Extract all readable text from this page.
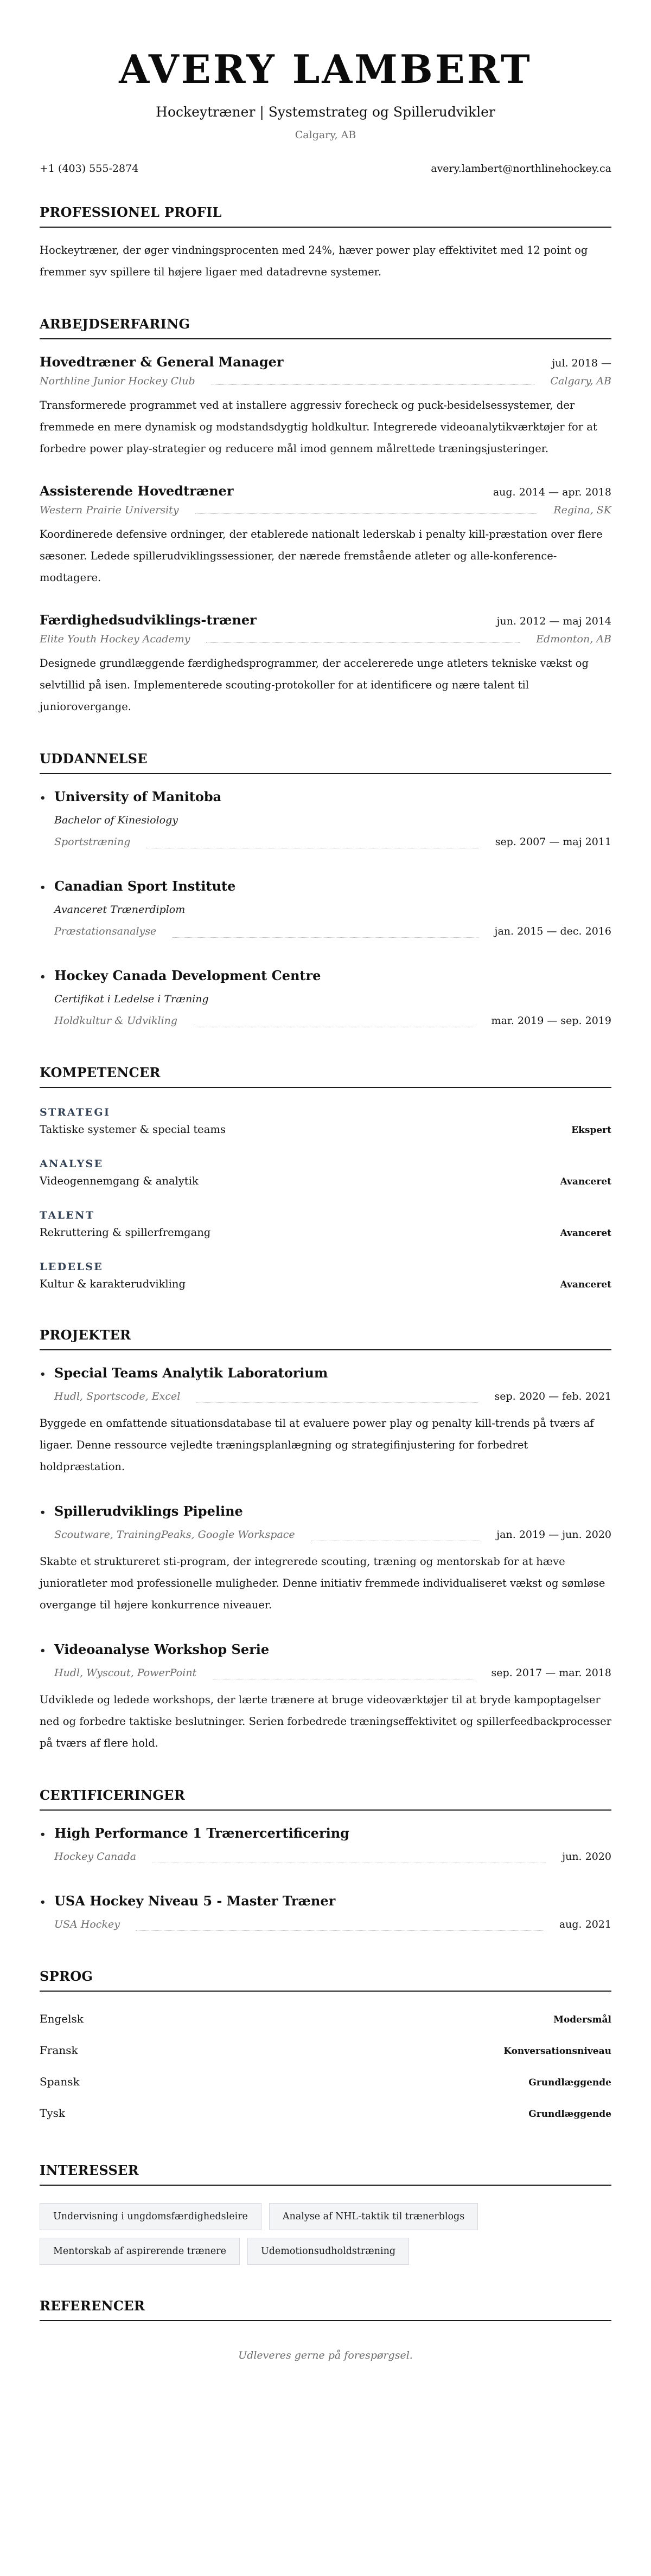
AVERY LAMBERT
Hockeytræner | Systemstrateg og Spillerudvikler
Calgary, AB
+1 (403) 555-2874	avery.lambert@northlinehockey.ca
PROFESSIONEL PROFIL

Hockeytræner, der øger vindningsprocenten med 24%, hæver power play effektivitet med 12 point og fremmer syv spillere til højere ligaer med datadrevne systemer.

ARBEJDSERFARING
Hovedtræner & General Manager	jul. 2018 —
Northline Junior Hockey Club	Calgary, AB

Transformerede programmet ved at installere aggressiv forecheck og puck-besidelsessystemer, der fremmede en mere dynamisk og modstandsdygtig holdkultur. Integrerede videoanalytikværktøjer for at forbedre power play-strategier og reducere mål imod gennem målrettede træningsjusteringer.

Assisterende Hovedtræner	aug. 2014 — apr. 2018
Western Prairie University	Regina, SK

Koordinerede defensive ordninger, der etablerede nationalt lederskab i penalty kill-præstation over flere sæsoner. Ledede spillerudviklingssessioner, der nærede fremstående atleter og alle-konference-modtagere.

Færdighedsudviklings-træner	jun. 2012 — maj 2014
Elite Youth Hockey Academy	Edmonton, AB

Designede grundlæggende færdighedsprogrammer, der accelererede unge atleters tekniske vækst og selvtillid på isen. Implementerede scouting-protokoller for at identificere og nære talent til juniorovergange.

UDDANNELSE
• University of Manitoba
Bachelor of Kinesiology
Sportstræning	sep. 2007 — maj 2011
• Canadian Sport Institute
Avanceret Trænerdiplom
Præstationsanalyse	jan. 2015 — dec. 2016
• Hockey Canada Development Centre
Certifikat i Ledelse i Træning
Holdkultur & Udvikling	mar. 2019 — sep. 2019
KOMPETENCER
STRATEGI
Taktiske systemer & special teams	Ekspert
ANALYSE
Videogennemgang & analytik	Avanceret
TALENT
Rekruttering & spillerfremgang	Avanceret
LEDELSE
Kultur & karakterudvikling	Avanceret
PROJEKTER
• Special Teams Analytik Laboratorium
Hudl, Sportscode, Excel	sep. 2020 — feb. 2021

Byggede en omfattende situationsdatabase til at evaluere power play og penalty kill-trends på tværs af ligaer. Denne ressource vejledte træningsplanlægning og strategifinjustering for forbedret holdpræstation.

• Spillerudviklings Pipeline
Scoutware, TrainingPeaks, Google Workspace	jan. 2019 — jun. 2020

Skabte et struktureret sti-program, der integrerede scouting, træning og mentorskab for at hæve junioratleter mod professionelle muligheder. Denne initiativ fremmede individualiseret vækst og sømløse overgange til højere konkurrence niveauer.

• Videoanalyse Workshop Serie
Hudl, Wyscout, PowerPoint	sep. 2017 — mar. 2018

Udviklede og ledede workshops, der lærte trænere at bruge videoværktøjer til at bryde kampoptagelser ned og forbedre taktiske beslutninger. Serien forbedrede træningseffektivitet og spillerfeedbackprocesser på tværs af flere hold.

CERTIFICERINGER
• High Performance 1 Trænercertificering
Hockey Canada	jun. 2020
• USA Hockey Niveau 5 - Master Træner
USA Hockey	aug. 2021
SPROG
Engelsk	Modersmål
Fransk	Konversationsniveau
Spansk	Grundlæggende
Tysk	Grundlæggende
INTERESSER
Undervisning i ungdomsfærdighedsleire	Analyse af NHL-taktik til trænerblogs
Mentorskab af aspirerende trænere	Udemotionsudholdstræning
REFERENCER

Udleveres gerne på forespørgsel.
